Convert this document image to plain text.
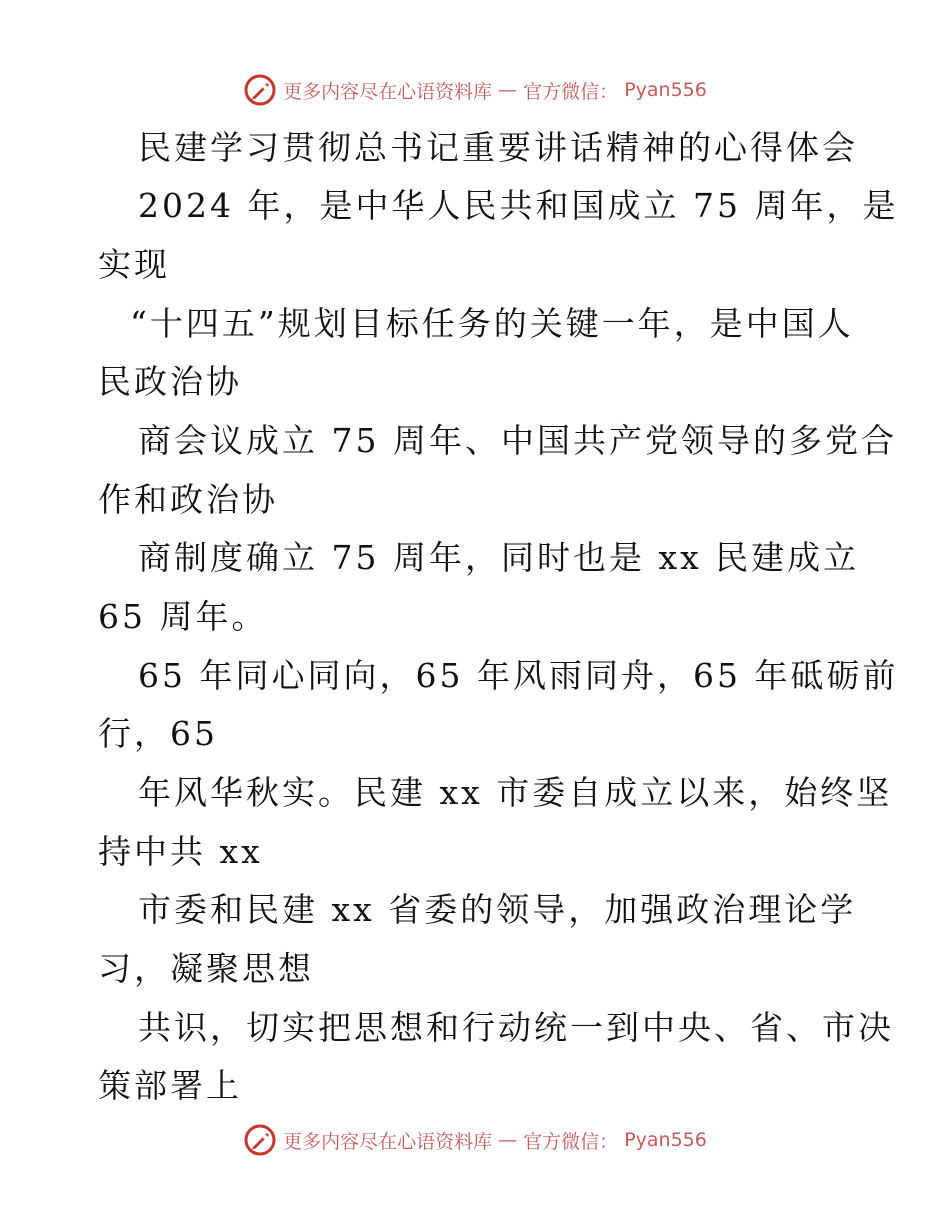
更多内容尽在心语资料库 — 官方微信： Pyan556
民建学习贯彻总书记重要讲话精神的心得体会
2024 年，是中华人民共和国成立 75 周年，是
实现
“十四五”规划目标任务的关键一年，是中国人
民政治协
商会议成立 75 周年、中国共产党领导的多党合
作和政治协
商制度确立 75 周年，同时也是 xx 民建成立
65 周年。
65 年同心同向，65 年风雨同舟，65 年砥砺前
行，65
年风华秋实。民建 xx 市委自成立以来，始终坚
持中共 xx
市委和民建 xx 省委的领导，加强政治理论学
习，凝聚思想
共识，切实把思想和行动统一到中央、省、市决
策部署上
更多内容尽在心语资料库 — 官方微信： Pyan556
